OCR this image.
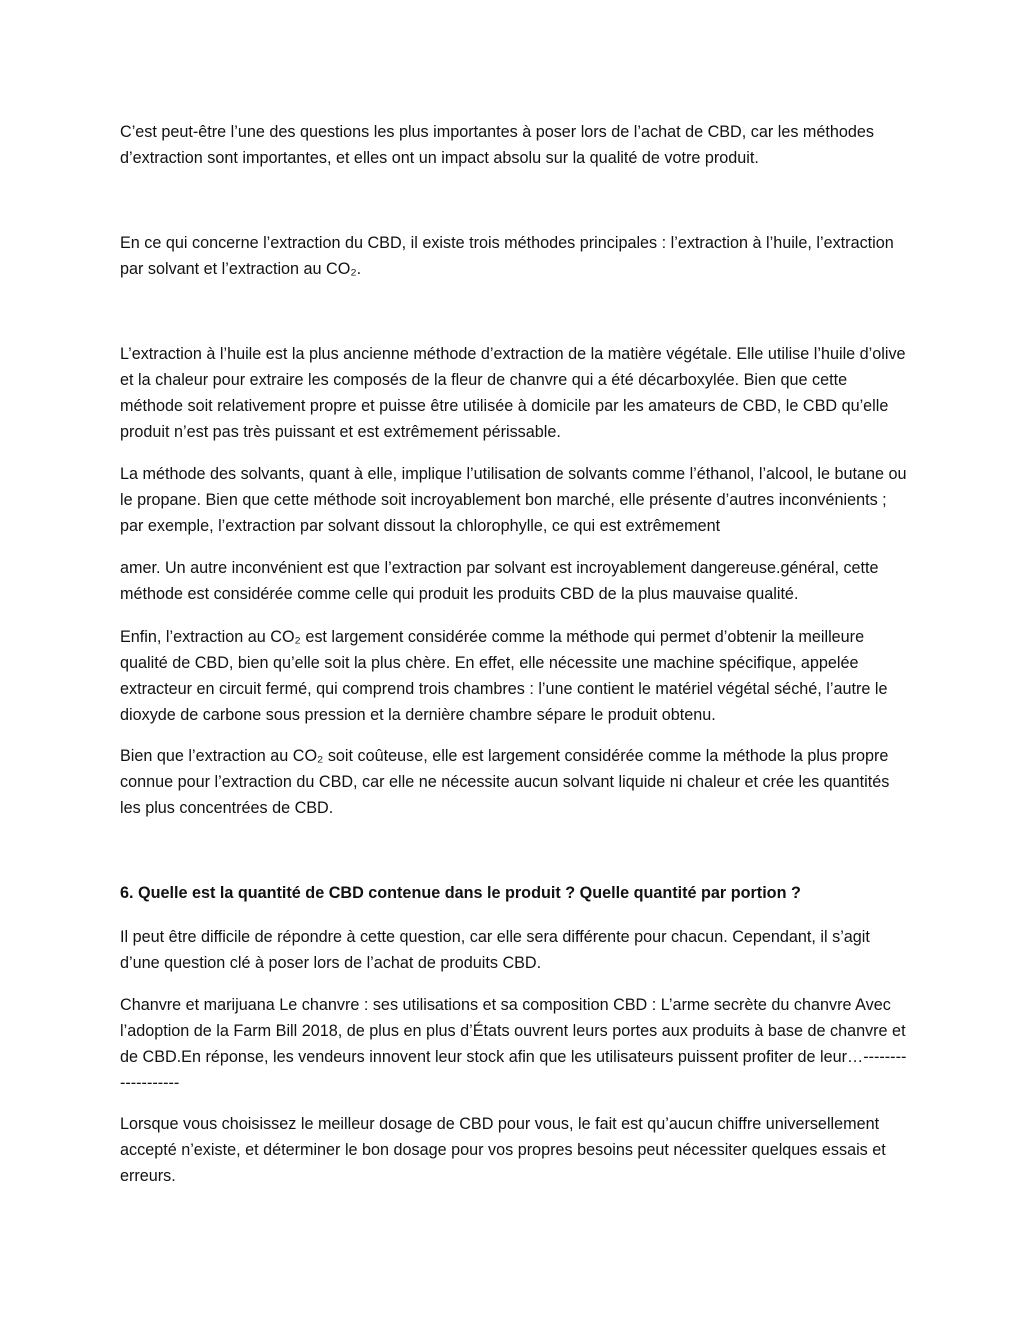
C’est peut-être l’une des questions les plus importantes à poser lors de l’achat de CBD, car les méthodes d’extraction sont importantes, et elles ont un impact absolu sur la qualité de votre produit.

En ce qui concerne l’extraction du CBD, il existe trois méthodes principales : l’extraction à l’huile, l’extraction par solvant et l’extraction au CO₂.

L’extraction à l’huile est la plus ancienne méthode d’extraction de la matière végétale. Elle utilise l’huile d’olive et la chaleur pour extraire les composés de la fleur de chanvre qui a été décarboxylée. Bien que cette méthode soit relativement propre et puisse être utilisée à domicile par les amateurs de CBD, le CBD qu’elle produit n’est pas très puissant et est extrêmement périssable.

La méthode des solvants, quant à elle, implique l’utilisation de solvants comme l’éthanol, l’alcool, le butane ou le propane. Bien que cette méthode soit incroyablement bon marché, elle présente d’autres inconvénients ; par exemple, l’extraction par solvant dissout la chlorophylle, ce qui est extrêmement

amer. Un autre inconvénient est que l’extraction par solvant est incroyablement dangereuse.général, cette méthode est considérée comme celle qui produit les produits CBD de la plus mauvaise qualité.

Enfin, l’extraction au CO₂ est largement considérée comme la méthode qui permet d’obtenir la meilleure qualité de CBD, bien qu’elle soit la plus chère. En effet, elle nécessite une machine spécifique, appelée extracteur en circuit fermé, qui comprend trois chambres : l’une contient le matériel végétal séché, l’autre le dioxyde de carbone sous pression et la dernière chambre sépare le produit obtenu.

Bien que l’extraction au CO₂ soit coûteuse, elle est largement considérée comme la méthode la plus propre connue pour l’extraction du CBD, car elle ne nécessite aucun solvant liquide ni chaleur et crée les quantités les plus concentrées de CBD.

6. Quelle est la quantité de CBD contenue dans le produit ? Quelle quantité par portion ?

Il peut être difficile de répondre à cette question, car elle sera différente pour chacun. Cependant, il s’agit d’une question clé à poser lors de l’achat de produits CBD.

Chanvre et marijuana Le chanvre : ses utilisations et sa composition CBD : L’arme secrète du chanvre Avec l’adoption de la Farm Bill 2018, de plus en plus d’États ouvrent leurs portes aux produits à base de chanvre et de CBD.En réponse, les vendeurs innovent leur stock afin que les utilisateurs puissent profiter de leur…-------------------

Lorsque vous choisissez le meilleur dosage de CBD pour vous, le fait est qu’aucun chiffre universellement accepté n’existe, et déterminer le bon dosage pour vos propres besoins peut nécessiter quelques essais et erreurs.
